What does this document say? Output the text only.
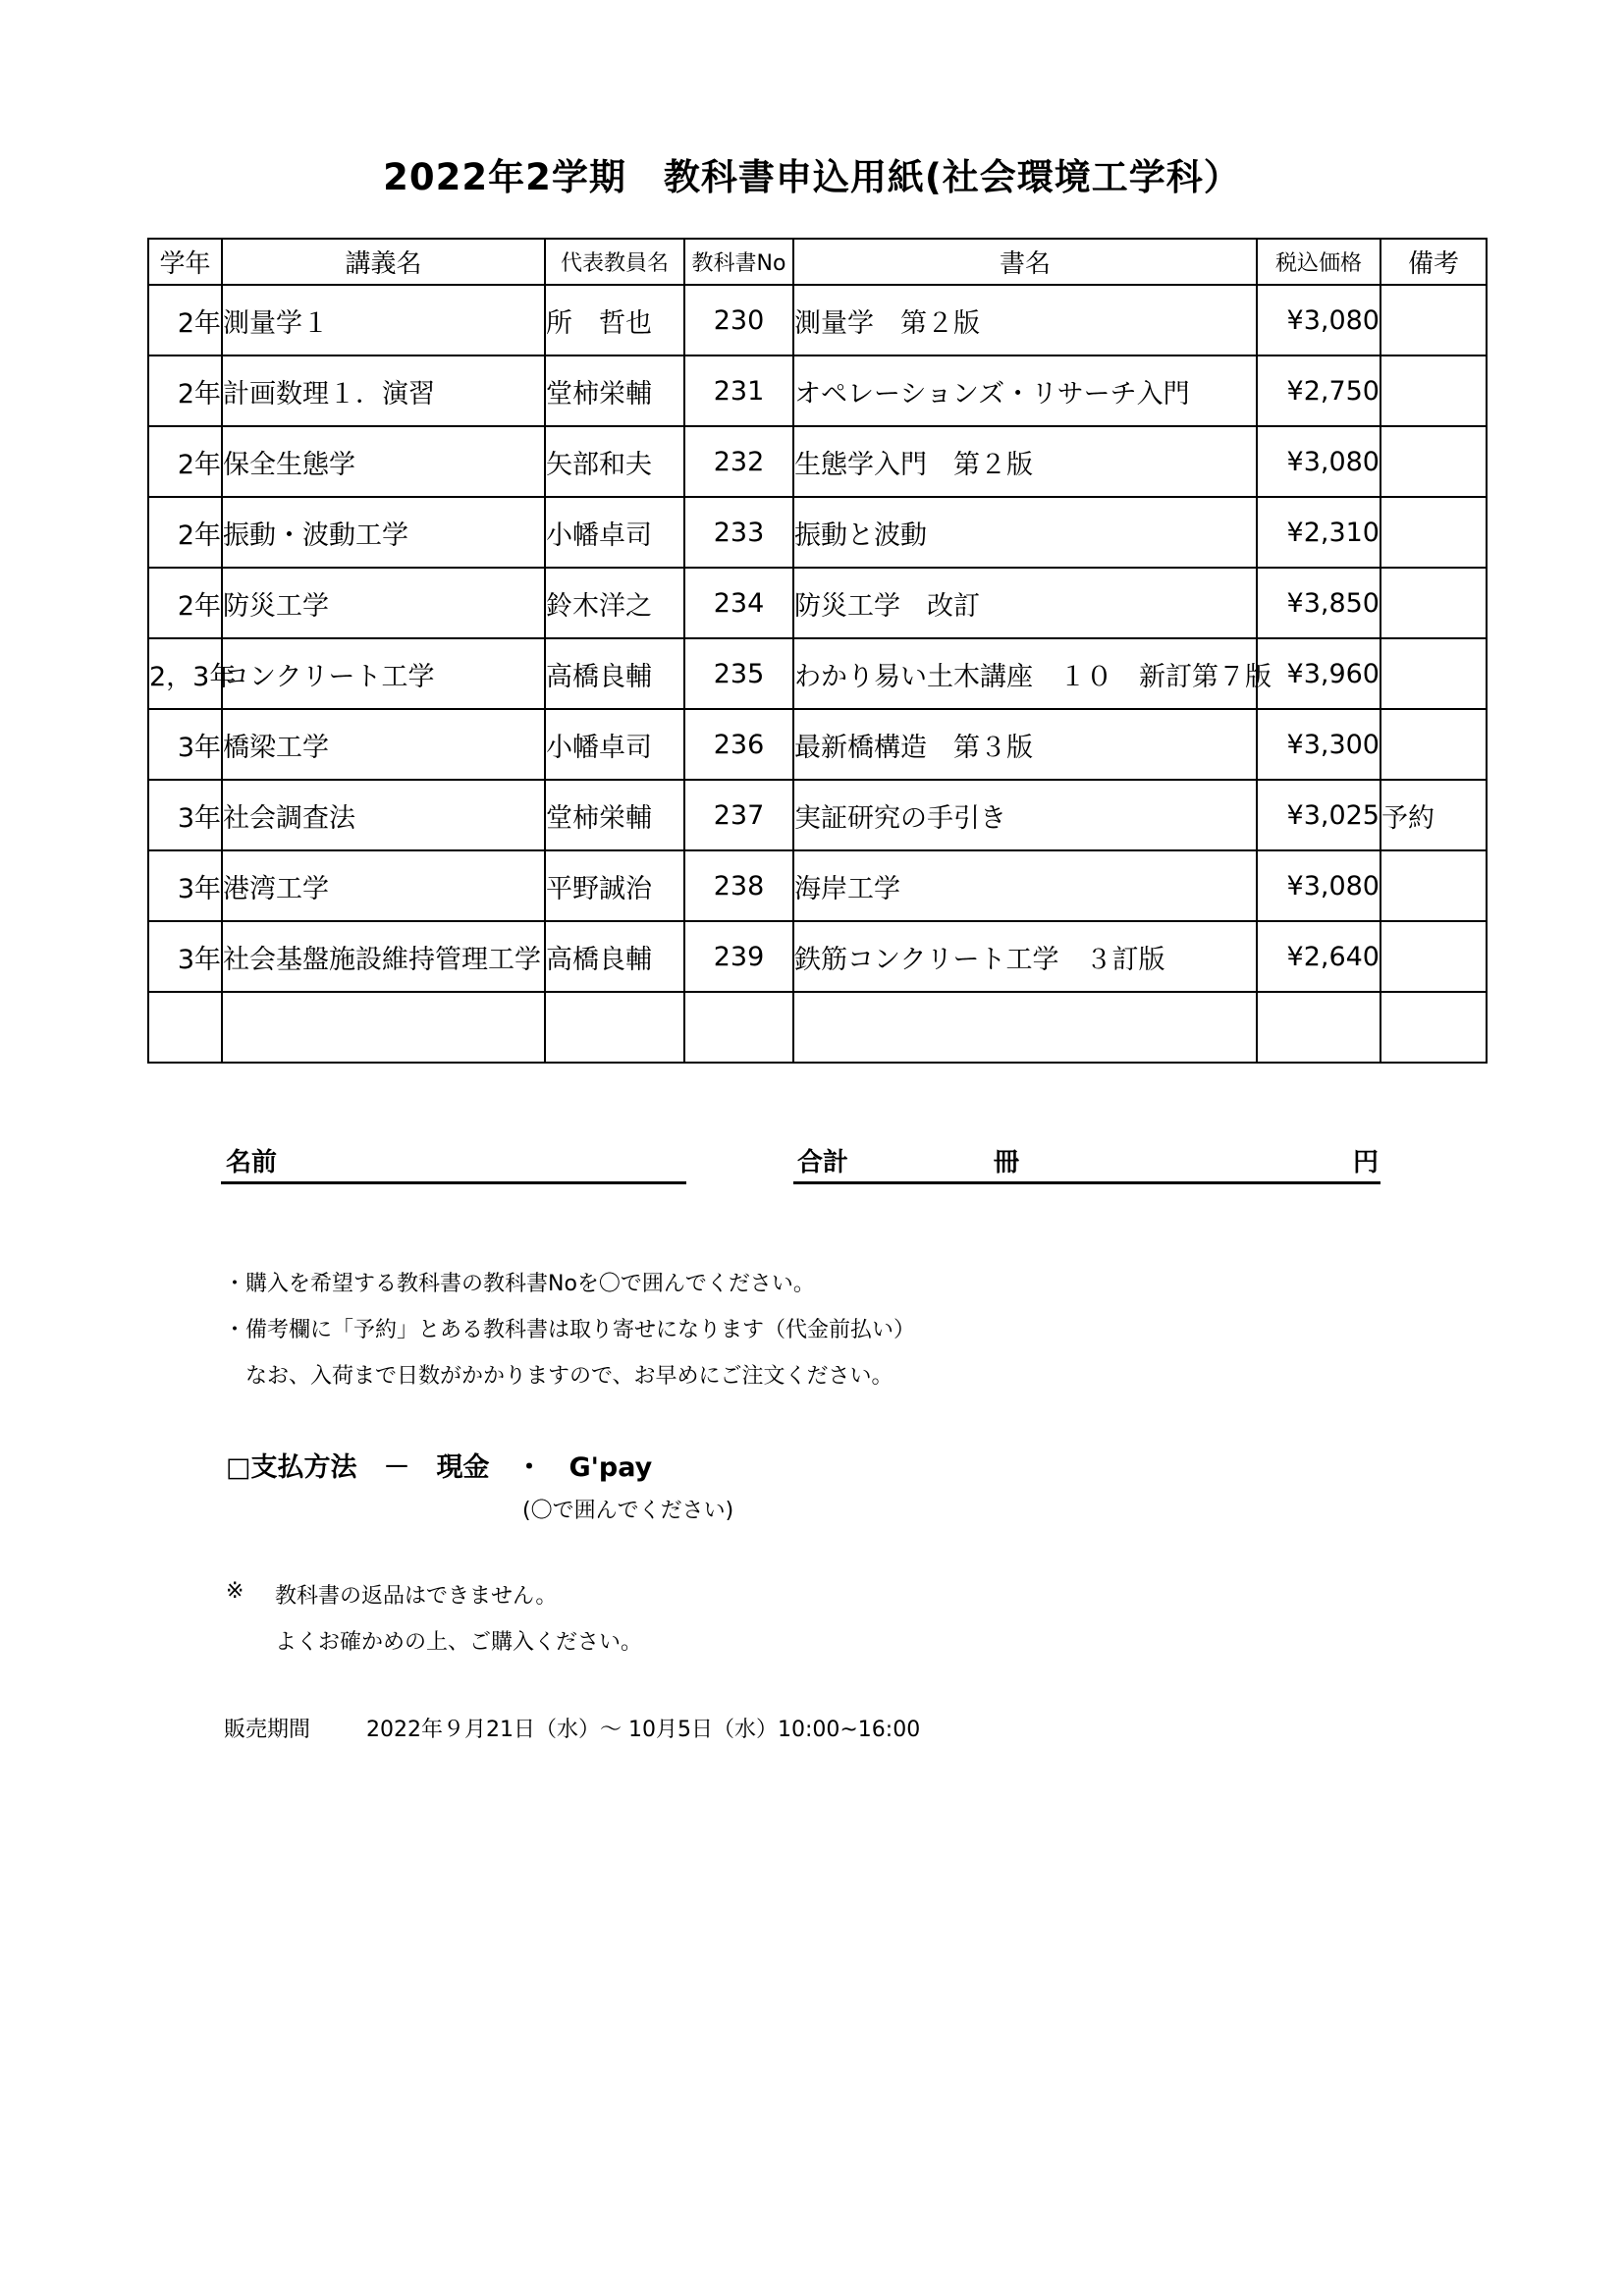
2022年2学期　教科書申込用紙(社会環境工学科）
学年	講義名	代表教員名	教科書No	書名	税込価格	備考
2年	測量学１	所　哲也	230	測量学　第２版	¥3,080	
2年	計画数理１．演習	堂柿栄輔	231	オペレーションズ・リサーチ入門	¥2,750	
2年	保全生態学	矢部和夫	232	生態学入門　第２版	¥3,080	
2年	振動・波動工学	小幡卓司	233	振動と波動	¥2,310	
2年	防災工学	鈴木洋之	234	防災工学　改訂	¥3,850	
2，3年	コンクリート工学	高橋良輔	235	わかり易い土木講座　１０　新訂第７版	¥3,960	
3年	橋梁工学	小幡卓司	236	最新橋構造　第３版	¥3,300	
3年	社会調査法	堂柿栄輔	237	実証研究の手引き	¥3,025	予約
3年	港湾工学	平野誠治	238	海岸工学	¥3,080	
3年	社会基盤施設維持管理工学	高橋良輔	239	鉄筋コンクリート工学　３訂版	¥2,640	

名前	合計	冊	円
・購入を希望する教科書の教科書Noを〇で囲んでください。
・備考欄に「予約」とある教科書は取り寄せになります（代金前払い）
　なお、入荷まで日数がかかりますので、お早めにご注文ください。
□支払方法　－　現金　・　G'pay
(〇で囲んでください)
※ 教科書の返品はできません。
よくお確かめの上、ご購入ください。
販売期間	2022年９月21日（水）～ 10月5日（水）10:00~16:00
